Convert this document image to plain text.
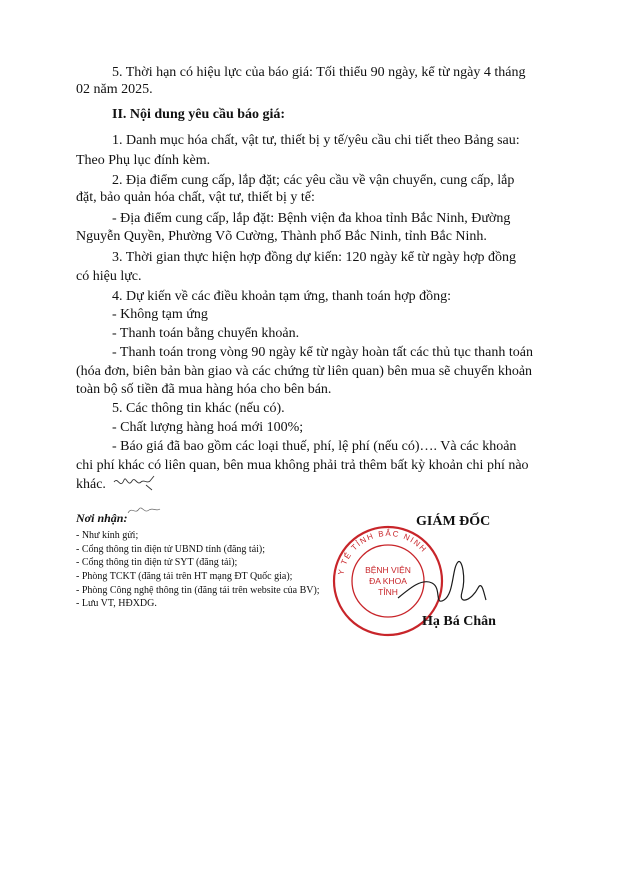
5. Thời hạn có hiệu lực của báo giá: Tối thiểu 90 ngày, kể từ ngày 4 tháng
02 năm 2025.
II. Nội dung yêu cầu báo giá:
1. Danh mục hóa chất, vật tư, thiết bị y tế/yêu cầu chi tiết theo Bảng sau:
Theo Phụ lục đính kèm.
2. Địa điểm cung cấp, lắp đặt; các yêu cầu về vận chuyển, cung cấp, lắp
đặt, bảo quản hóa chất, vật tư, thiết bị y tế:
- Địa điểm cung cấp, lắp đặt: Bệnh viện đa khoa tỉnh Bắc Ninh, Đường
Nguyễn Quyền, Phường Võ Cường, Thành phố Bắc Ninh, tỉnh Bắc Ninh.
3. Thời gian thực hiện hợp đồng dự kiến: 120 ngày kể từ ngày hợp đồng
có hiệu lực.
4. Dự kiến về các điều khoản tạm ứng, thanh toán hợp đồng:
- Không tạm ứng
- Thanh toán bằng chuyển khoản.
- Thanh toán trong vòng 90 ngày kể từ ngày hoàn tất các thủ tục thanh toán
(hóa đơn, biên bản bàn giao và các chứng từ liên quan) bên mua sẽ chuyển khoản
toàn bộ số tiền đã mua hàng hóa cho bên bán.
5. Các thông tin khác (nếu có).
- Chất lượng hàng hoá mới 100%;
- Báo giá đã bao gồm các loại thuế, phí, lệ phí (nếu có)…. Và các khoản
chi phí khác có liên quan, bên mua không phải trả thêm bất kỳ khoản chi phí nào
khác.
Nơi nhận:
- Như kính gửi;
- Cổng thông tin điện tử UBND tỉnh (đăng tải);
- Cổng thông tin điện tử SYT (đăng tải);
- Phòng TCKT (đăng tải trên HT mạng ĐT Quốc gia);
- Phòng Công nghệ thông tin (đăng tải trên website của BV);
- Lưu VT, HĐXDG.
GIÁM ĐỐC
Y TẾ TỈNH BẮC NINH
BỆNH VIỆN
ĐA KHOA
TỈNH
Hạ Bá Chân
